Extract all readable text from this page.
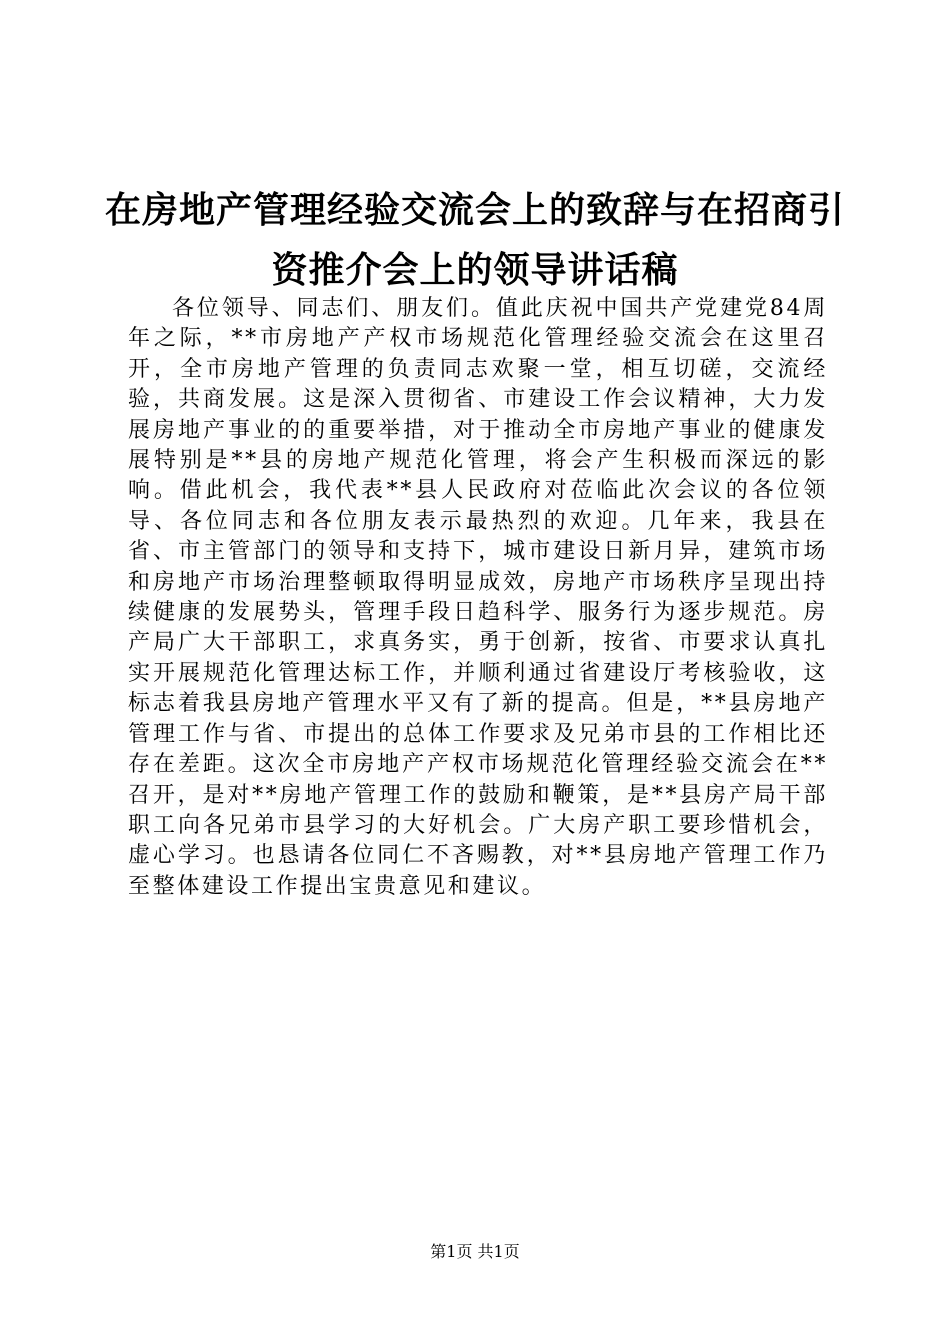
在房地产管理经验交流会上的致辞与在招商引资推介会上的领导讲话稿

各位领导、同志们、朋友们。值此庆祝中国共产党建党84周年之际，**市房地产产权市场规范化管理经验交流会在这里召开，全市房地产管理的负责同志欢聚一堂，相互切磋，交流经验，共商发展。这是深入贯彻省、市建设工作会议精神，大力发展房地产事业的的重要举措，对于推动全市房地产事业的健康发展特别是**县的房地产规范化管理，将会产生积极而深远的影响。借此机会，我代表**县人民政府对莅临此次会议的各位领导、各位同志和各位朋友表示最热烈的欢迎。几年来，我县在省、市主管部门的领导和支持下，城市建设日新月异，建筑市场和房地产市场治理整顿取得明显成效，房地产市场秩序呈现出持续健康的发展势头，管理手段日趋科学、服务行为逐步规范。房产局广大干部职工，求真务实，勇于创新，按省、市要求认真扎实开展规范化管理达标工作，并顺利通过省建设厅考核验收，这标志着我县房地产管理水平又有了新的提高。但是，**县房地产管理工作与省、市提出的总体工作要求及兄弟市县的工作相比还存在差距。这次全市房地产产权市场规范化管理经验交流会在**召开，是对**房地产管理工作的鼓励和鞭策，是**县房产局干部职工向各兄弟市县学习的大好机会。广大房产职工要珍惜机会，虚心学习。也恳请各位同仁不吝赐教，对**县房地产管理工作乃至整体建设工作提出宝贵意见和建议。

第1页 共1页
